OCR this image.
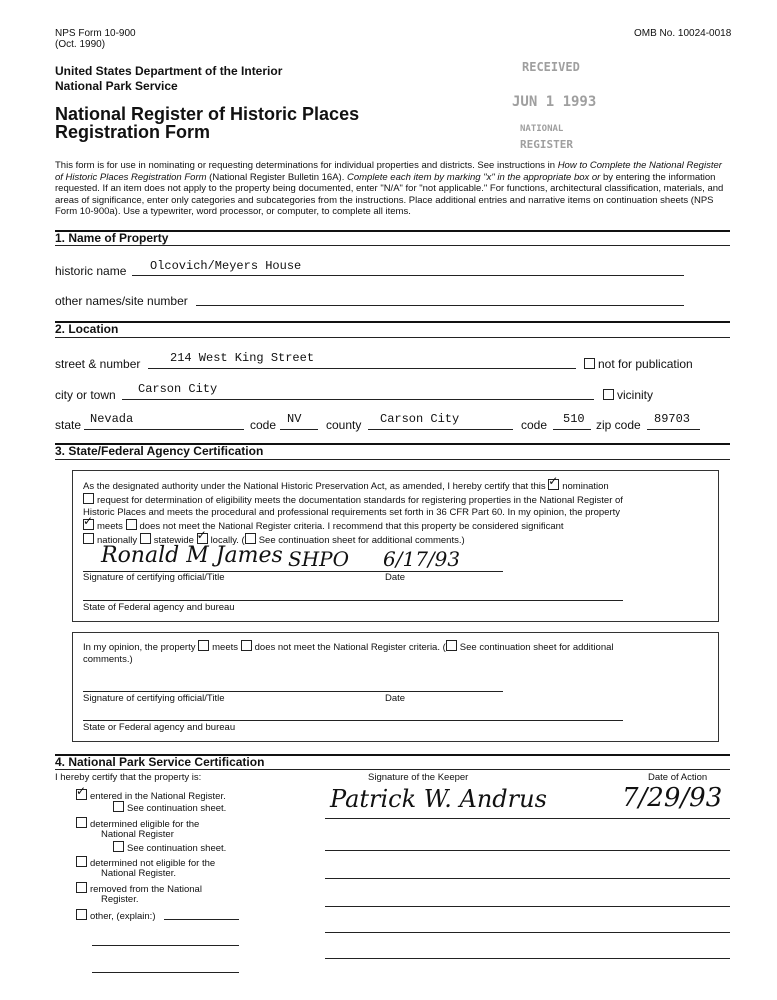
NPS Form 10-900
(Oct. 1990)
OMB No. 10024-0018
United States Department of the Interior
National Park Service
National Register of Historic Places
Registration Form
RECEIVED
JUN 1 1993
NATIONAL
REGISTER
This form is for use in nominating or requesting determinations for individual properties and districts. See instructions in How to Complete the National Register of Historic Places Registration Form (National Register Bulletin 16A). Complete each item by marking "x" in the appropriate box or by entering the information requested. If an item does not apply to the property being documented, enter "N/A" for "not applicable." For functions, architectural classification, materials, and areas of significance, enter only categories and subcategories from the instructions. Place additional entries and narrative items on continuation sheets (NPS Form 10-900a). Use a typewriter, word processor, or computer, to complete all items.
1. Name of Property
historic name Olcovich/Meyers House
other names/site number
2. Location
street & number 214 West King Street	not for publication
city or town Carson City	vicinity
state Nevada	code NV county Carson City	code 510 zip code 89703
3. State/Federal Agency Certification
As the designated authority under the National Historic Preservation Act, as amended, I hereby certify that this ✓ nomination
request for determination of eligibility meets the documentation standards for registering properties in the National Register of
Historic Places and meets the procedural and professional requirements set forth in 36 CFR Part 60. In my opinion, the property
✓meets does not meet the National Register criteria. I recommend that this property be considered significant
nationally statewide ✓ locally. ( See continuation sheet for additional comments.)
Ronald M James SHPO 6/17/93
Signature of certifying official/Title	Date
State of Federal agency and bureau
In my opinion, the property meets does not meet the National Register criteria. ( See continuation sheet for additional
comments.)
Signature of certifying official/Title	Date
State or Federal agency and bureau
4. National Park Service Certification
I hereby certify that the property is:	Signature of the Keeper	Date of Action
Patrick W. Andrus	7/29/93
✓entered in the National Register.
See continuation sheet.
determined eligible for the
National Register
See continuation sheet.
determined not eligible for the
National Register.
removed from the National
Register.
other, (explain:)
